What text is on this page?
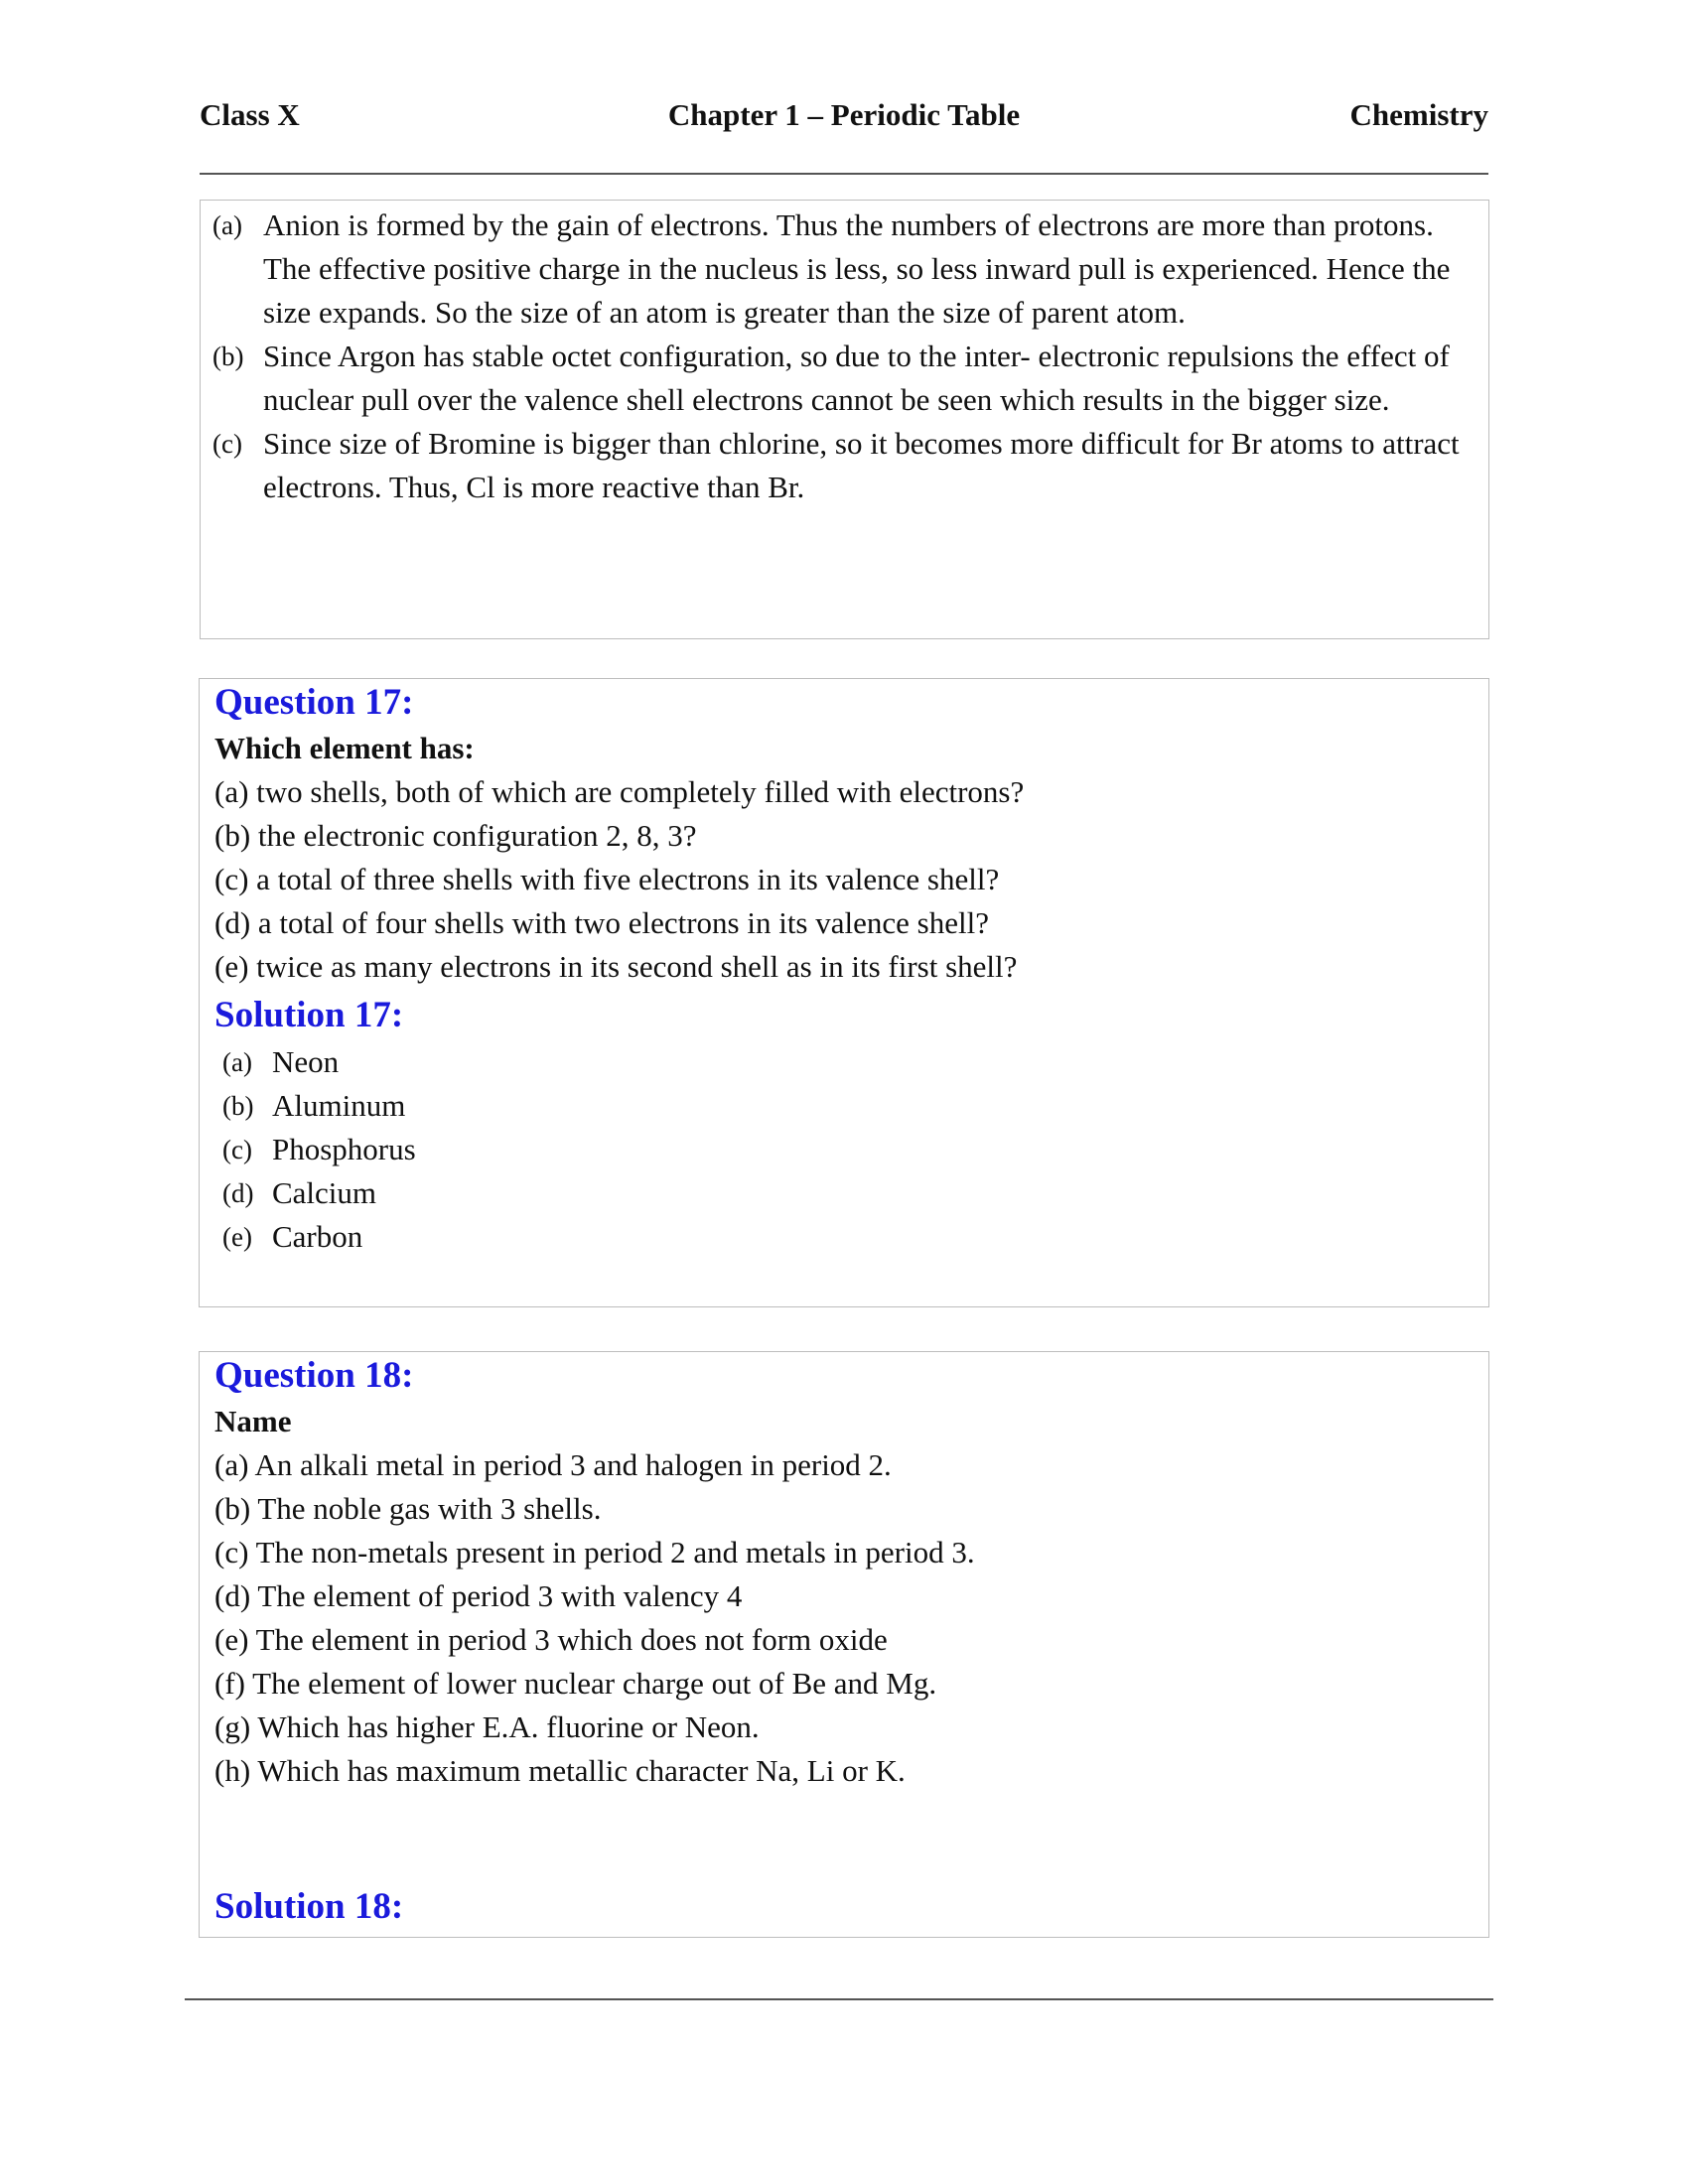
Class X	Chapter 1 – Periodic Table	Chemistry
(a) Anion is formed by the gain of electrons. Thus the numbers of electrons are more than protons. The effective positive charge in the nucleus is less, so less inward pull is experienced. Hence the size expands. So the size of an atom is greater than the size of parent atom.
(b) Since Argon has stable octet configuration, so due to the inter- electronic repulsions the effect of nuclear pull over the valence shell electrons cannot be seen which results in the bigger size.
(c) Since size of Bromine is bigger than chlorine, so it becomes more difficult for Br atoms to attract electrons. Thus, Cl is more reactive than Br.
Question 17:
Which element has:
(a) two shells, both of which are completely filled with electrons?
(b) the electronic configuration 2, 8, 3?
(c) a total of three shells with five electrons in its valence shell?
(d) a total of four shells with two electrons in its valence shell?
(e) twice as many electrons in its second shell as in its first shell?
Solution 17:
(a) Neon
(b) Aluminum
(c) Phosphorus
(d) Calcium
(e) Carbon
Question 18:
Name
(a) An alkali metal in period 3 and halogen in period 2.
(b) The noble gas with 3 shells.
(c) The non-metals present in period 2 and metals in period 3.
(d) The element of period 3 with valency 4
(e) The element in period 3 which does not form oxide
(f) The element of lower nuclear charge out of Be and Mg.
(g) Which has higher E.A. fluorine or Neon.
(h) Which has maximum metallic character Na, Li or K.
Solution 18:
